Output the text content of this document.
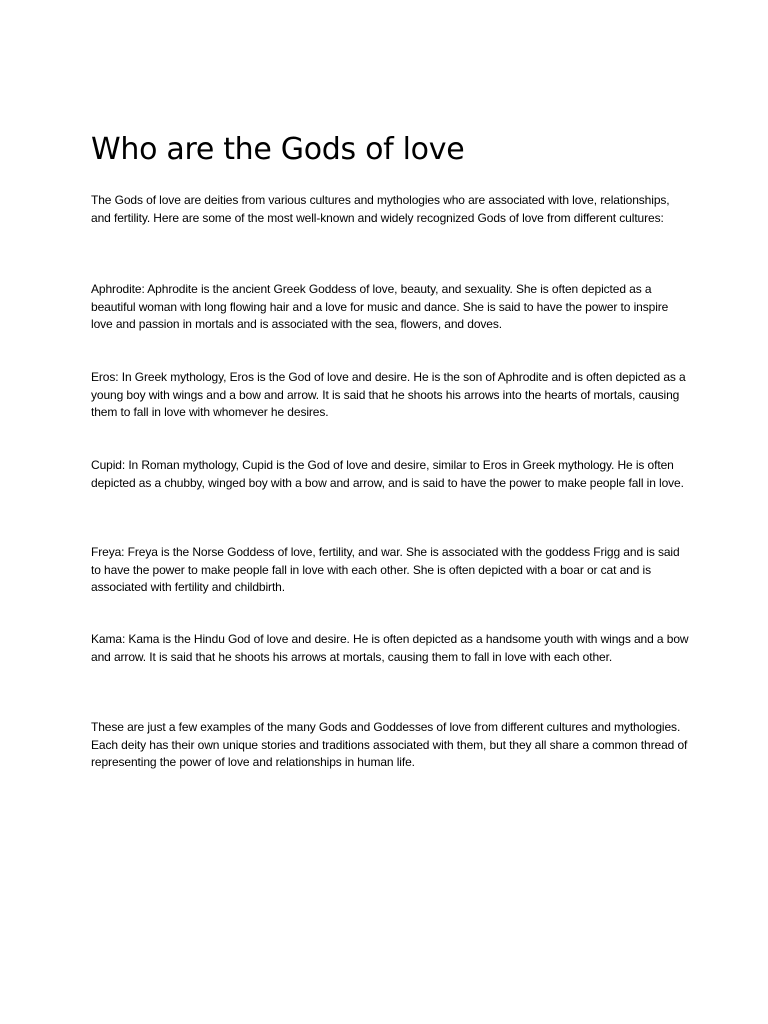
Who are the Gods of love

The Gods of love are deities from various cultures and mythologies who are associated with love, relationships, and fertility. Here are some of the most well-known and widely recognized Gods of love from different cultures:

Aphrodite: Aphrodite is the ancient Greek Goddess of love, beauty, and sexuality. She is often depicted as a beautiful woman with long flowing hair and a love for music and dance. She is said to have the power to inspire love and passion in mortals and is associated with the sea, flowers, and doves.

Eros: In Greek mythology, Eros is the God of love and desire. He is the son of Aphrodite and is often depicted as a young boy with wings and a bow and arrow. It is said that he shoots his arrows into the hearts of mortals, causing them to fall in love with whomever he desires.

Cupid: In Roman mythology, Cupid is the God of love and desire, similar to Eros in Greek mythology. He is often depicted as a chubby, winged boy with a bow and arrow, and is said to have the power to make people fall in love.

Freya: Freya is the Norse Goddess of love, fertility, and war. She is associated with the goddess Frigg and is said to have the power to make people fall in love with each other. She is often depicted with a boar or cat and is associated with fertility and childbirth.

Kama: Kama is the Hindu God of love and desire. He is often depicted as a handsome youth with wings and a bow and arrow. It is said that he shoots his arrows at mortals, causing them to fall in love with each other.

These are just a few examples of the many Gods and Goddesses of love from different cultures and mythologies. Each deity has their own unique stories and traditions associated with them, but they all share a common thread of representing the power of love and relationships in human life.
